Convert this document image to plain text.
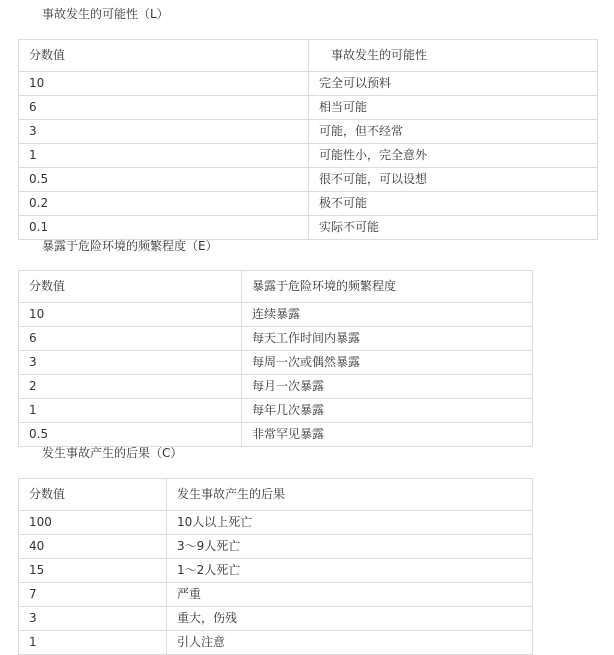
事故发生的可能性（L）
分数值	事故发生的可能性
10	完全可以预料
6	相当可能
3	可能，但不经常
1	可能性小，完全意外
0.5	很不可能，可以设想
0.2	极不可能
0.1	实际不可能
暴露于危险环境的频繁程度（E）
分数值	暴露于危险环境的频繁程度
10	连续暴露
6	每天工作时间内暴露
3	每周一次或偶然暴露
2	每月一次暴露
1	每年几次暴露
0.5	非常罕见暴露
发生事故产生的后果（C）
分数值	发生事故产生的后果
100	10人以上死亡
40	3～9人死亡
15	1～2人死亡
7	严重
3	重大，伤残
1	引人注意
